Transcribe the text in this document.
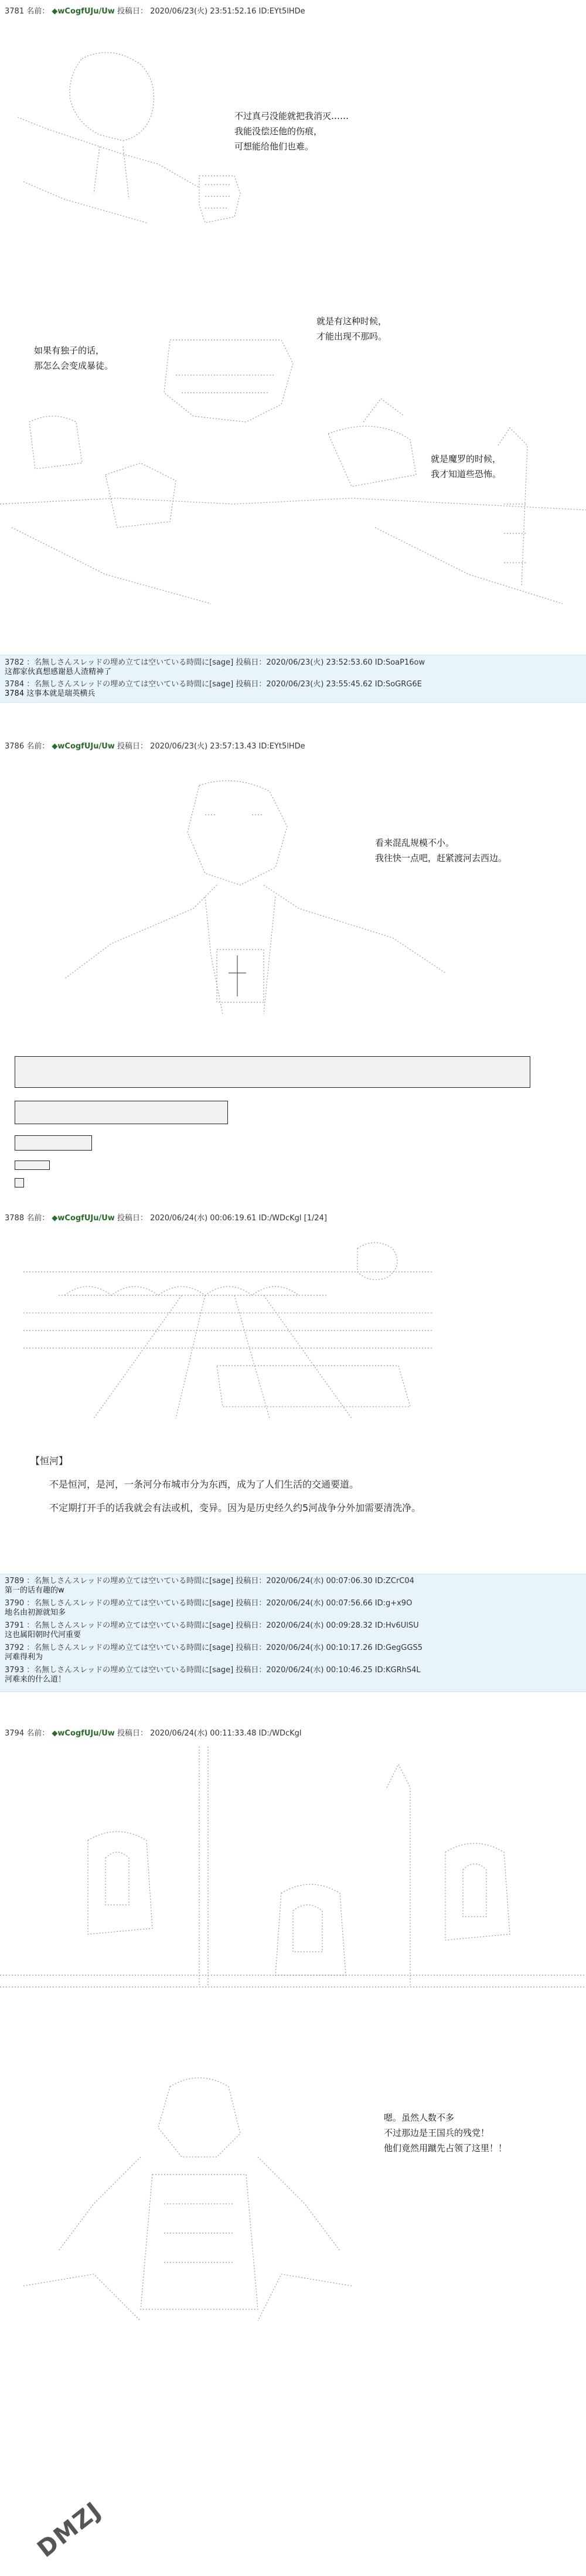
3781 名前： ◆wCogfUJu/Uw 投稿日： 2020/06/23(火) 23:51:52.16 ID:EYt5lHDe
不过真弓没能就把我消灭……
我能没偿还他的伤痕，
可想能给他们也难。
如果有独子的话，
那怎么会变成暴徒。
就是有这种时候，
才能出现不那吗。
就是魔罗的时候，
我才知道些恐怖。
3782 ：名無しさんスレッドの埋め立ては空いている時間に[sage] 投稿日：2020/06/23(火) 23:52:53.60 ID:SoaP16ow
这都家伙真想感谢悬人渣精神了
3784 ：名無しさんスレッドの埋め立ては空いている時間に[sage] 投稿日：2020/06/23(火) 23:55:45.62 ID:SoGRG6E
3784 这事本就是瑞英横兵
3786 名前： ◆wCogfUJu/Uw 投稿日： 2020/06/23(火) 23:57:13.43 ID:EYt5lHDe
看来混乱规模不小。
我往快一点吧，赶紧渡河去西边。
3788 名前： ◆wCogfUJu/Uw 投稿日： 2020/06/24(水) 00:06:19.61 ID:/WDcKgl [1/24]
【恒河】
不是恒河，是河，一条河分布城市分为东西，成为了人们生活的交通要道。
不定期打开手的话我就会有法或机，变异。因为是历史经久约5河战争分外加需要清洗净。
3789 ：名無しさんスレッドの埋め立ては空いている時間に[sage] 投稿日：2020/06/24(水) 00:07:06.30 ID:ZCrC04
第一的话有趣的w
3790 ：名無しさんスレッドの埋め立ては空いている時間に[sage] 投稿日：2020/06/24(水) 00:07:56.66 ID:g+x9O
地名由初源就知多
3791 ：名無しさんスレッドの埋め立ては空いている時間に[sage] 投稿日：2020/06/24(水) 00:09:28.32 ID:Hv6UlSU
这也属阳朝时代河重要
3792 ：名無しさんスレッドの埋め立ては空いている時間に[sage] 投稿日：2020/06/24(水) 00:10:17.26 ID:GegGGS5
河难得利为
3793 ：名無しさんスレッドの埋め立ては空いている時間に[sage] 投稿日：2020/06/24(水) 00:10:46.25 ID:KGRhS4L
河难来的什么道！
3794 名前： ◆wCogfUJu/Uw 投稿日： 2020/06/24(水) 00:11:33.48 ID:/WDcKgl
嗯。虽然人数不多
不过那边是王国兵的残党！
他们竟然用蹴先占领了这里！！
DMZJ
